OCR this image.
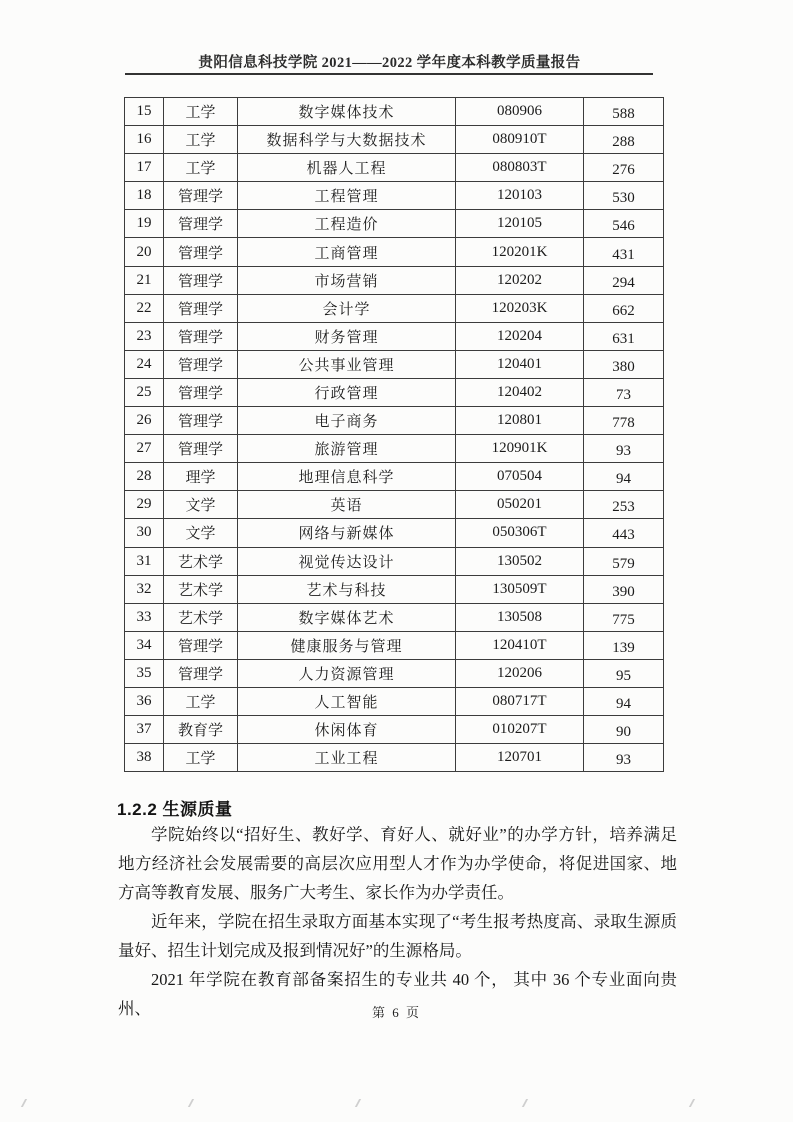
贵阳信息科技学院 2021——2022 学年度本科教学质量报告
15	工学	数字媒体技术	080906	588
16	工学	数据科学与大数据技术	080910T	288
17	工学	机器人工程	080803T	276
18	管理学	工程管理	120103	530
19	管理学	工程造价	120105	546
20	管理学	工商管理	120201K	431
21	管理学	市场营销	120202	294
22	管理学	会计学	120203K	662
23	管理学	财务管理	120204	631
24	管理学	公共事业管理	120401	380
25	管理学	行政管理	120402	73
26	管理学	电子商务	120801	778
27	管理学	旅游管理	120901K	93
28	理学	地理信息科学	070504	94
29	文学	英语	050201	253
30	文学	网络与新媒体	050306T	443
31	艺术学	视觉传达设计	130502	579
32	艺术学	艺术与科技	130509T	390
33	艺术学	数字媒体艺术	130508	775
34	管理学	健康服务与管理	120410T	139
35	管理学	人力资源管理	120206	95
36	工学	人工智能	080717T	94
37	教育学	休闲体育	010207T	90
38	工学	工业工程	120701	93
1.2.2 生源质量

学院始终以“招好生、教好学、育好人、就好业”的办学方针，培养满足地方经济社会发展需要的高层次应用型人才作为办学使命，将促进国家、地方高等教育发展、服务广大考生、家长作为办学责任。

近年来，学院在招生录取方面基本实现了“考生报考热度高、录取生源质量好、招生计划完成及报到情况好”的生源格局。

2021 年学院在教育部备案招生的专业共 40 个， 其中 36 个专业面向贵州、	第 6 页
